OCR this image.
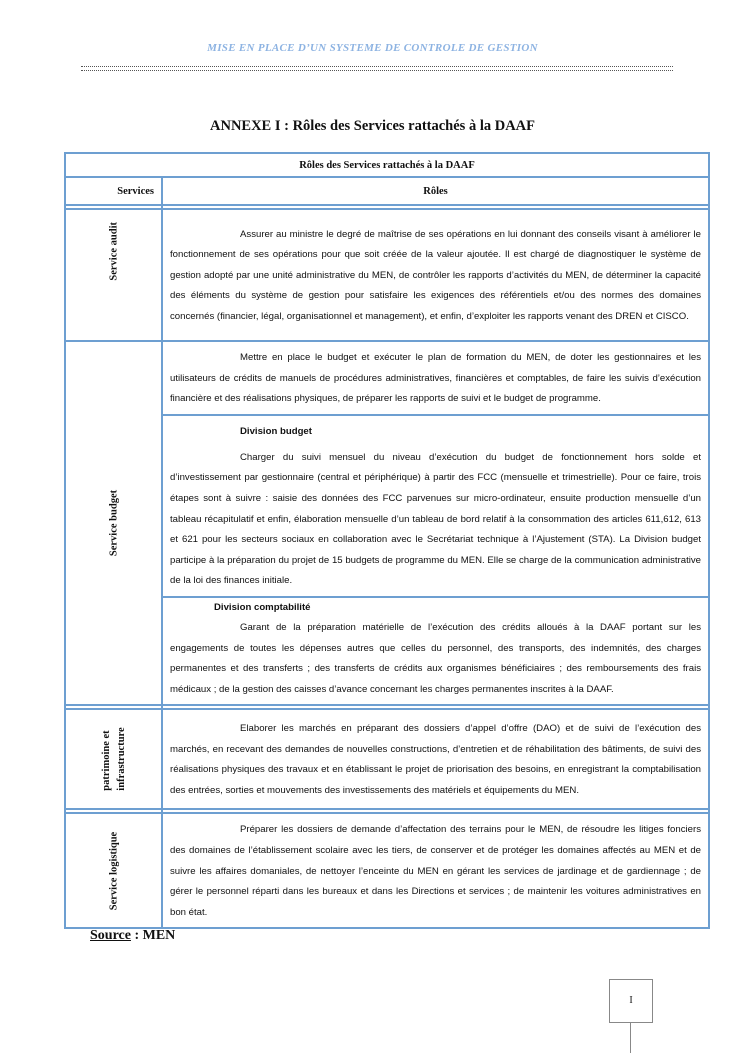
MISE EN PLACE D’UN SYSTEME DE CONTROLE DE GESTION
ANNEXE I : Rôles des Services rattachés à la DAAF
Rôles des Services rattachés à la DAAF	
Services	Rôles

Service audit	Assurer au ministre le degré de maîtrise de ses opérations en lui donnant des conseils visant à améliorer le fonctionnement de ses opérations pour que soit créée de la valeur ajoutée. Il est chargé de diagnostiquer le système de gestion adopté par une unité administrative du MEN, de contrôler les rapports d’activités du MEN, de déterminer la capacité des éléments du système de gestion pour satisfaire les exigences des référentiels et/ou des normes des domaines concernés (financier, légal, organisationnel et management), et enfin, d’exploiter les rapports venant des DREN et CISCO.

Service budget	Mettre en place le budget et exécuter le plan de formation du MEN, de doter les gestionnaires et les utilisateurs de crédits de manuels de procédures administratives, financières et comptables, de faire les suivis d’exécution financière et des réalisations physiques, de préparer les rapports de suivi et le budget de programme.

	Division budget

Charger du suivi mensuel du niveau d’exécution du budget de fonctionnement hors solde et d’investissement par gestionnaire (central et périphérique) à partir des FCC (mensuelle et trimestrielle). Pour ce faire, trois étapes sont à suivre : saisie des données des FCC parvenues sur micro-ordinateur, ensuite production mensuelle d’un tableau récapitulatif et enfin, élaboration mensuelle d’un tableau de bord relatif à la consommation des articles 611,612, 613 et 621 pour les secteurs sociaux en collaboration avec le Secrétariat technique à l’Ajustement (STA). La Division budget participe à la préparation du projet de 15 budgets de programme du MEN. Elle se charge de la communication administrative de la loi des finances initiale.

	Division comptabilité

Garant de la préparation matérielle de l’exécution des crédits alloués à la DAAF portant sur les engagements de toutes les dépenses autres que celles du personnel, des transports, des indemnités, des charges permanentes et des transferts ; des transferts de crédits aux organismes bénéficiaires ; des remboursements des frais médicaux ; de la gestion des caisses d’avance concernant les charges permanentes inscrites à la DAAF.

patrimoine et infrastructure	Elaborer les marchés en préparant des dossiers d’appel d’offre (DAO) et de suivi de l’exécution des marchés, en recevant des demandes de nouvelles constructions, d’entretien et de réhabilitation des bâtiments, de suivi des réalisations physiques des travaux et en établissant le projet de priorisation des besoins, en enregistrant la comptabilisation des entrées, sorties et mouvements des investissements des matériels et équipements du MEN.

Service logistique	Préparer les dossiers de demande d’affectation des terrains pour le MEN, de résoudre les litiges fonciers des domaines de l’établissement scolaire avec les tiers, de conserver et de protéger les domaines affectés au MEN et de suivre les affaires domaniales, de nettoyer l’enceinte du MEN en gérant les services de jardinage et de gardiennage ; de gérer le personnel réparti dans les bureaux et dans les Directions et services ; de maintenir les voitures administratives en bon état.

Source : MEN
I
